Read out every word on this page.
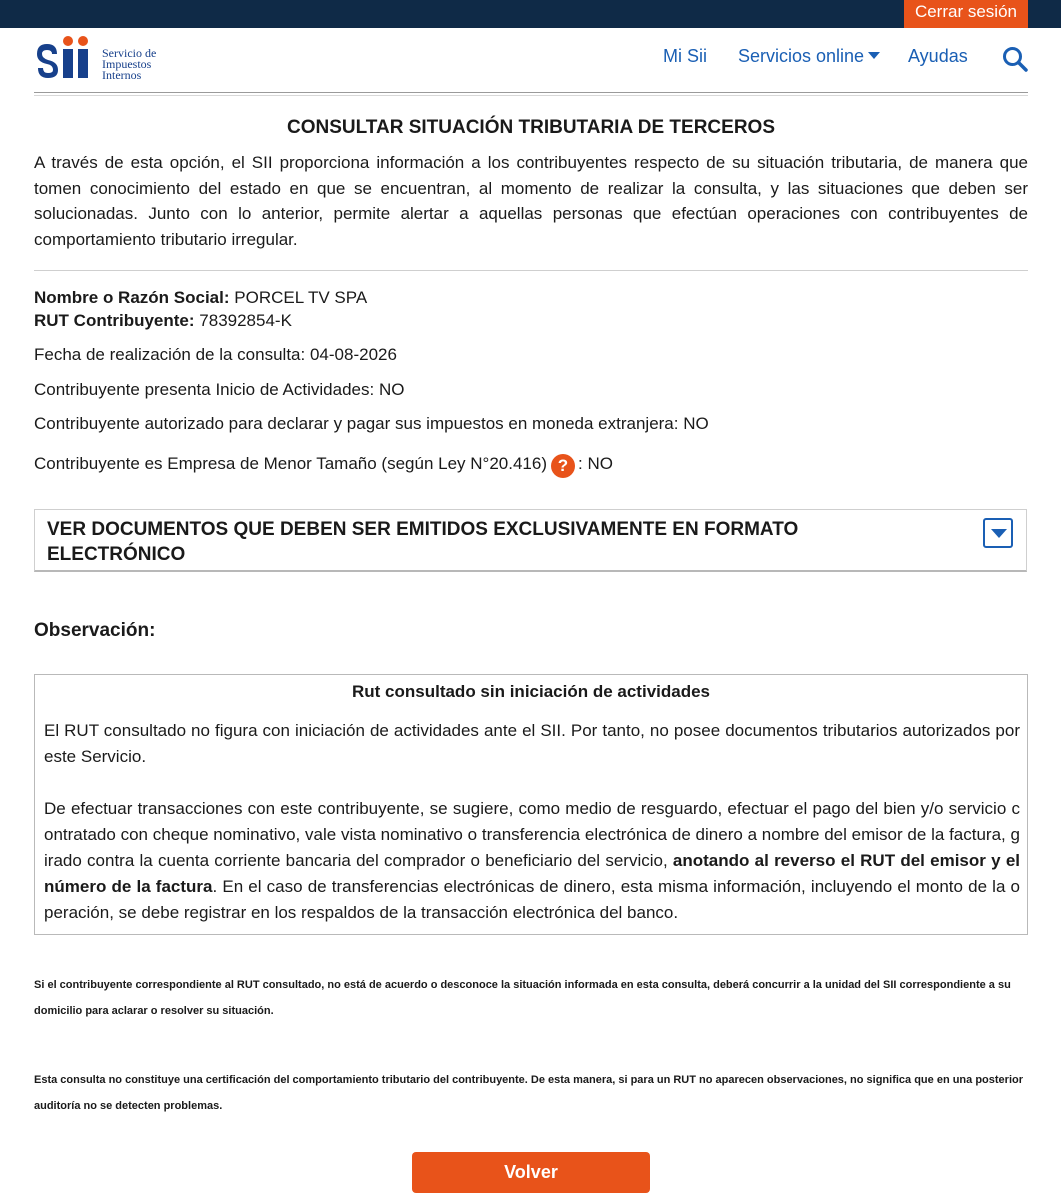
Cerrar sesión
Servicio de
Impuestos
Internos
Mi Sii Servicios online	Ayudas
CONSULTAR SITUACIÓN TRIBUTARIA DE TERCEROS
A través de esta opción, el SII proporciona información a los contribuyentes respecto de su situación tributaria, de manera que tomen conocimiento del estado en que se encuentran, al momento de realizar la consulta, y las situaciones que deben ser solucionadas. Junto con lo anterior, permite alertar a aquellas personas que efectúan operaciones con contribuyentes de comportamiento tributario irregular.
Nombre o Razón Social: PORCEL TV SPA
RUT Contribuyente: 78392854-K
Fecha de realización de la consulta: 04-08-2026
Contribuyente presenta Inicio de Actividades: NO
Contribuyente autorizado para declarar y pagar sus impuestos en moneda extranjera: NO
Contribuyente es Empresa de Menor Tamaño (según Ley N°20.416) ? : NO
VER DOCUMENTOS QUE DEBEN SER EMITIDOS EXCLUSIVAMENTE EN FORMATO ELECTRÓNICO
Observación:
Rut consultado sin iniciación de actividades
El RUT consultado no figura con iniciación de actividades ante el SII. Por tanto, no posee documentos tributarios autorizados por este Servicio.
De efectuar transacciones con este contribuyente, se sugiere, como medio de resguardo, efectuar el pago del bien y/o servicio contratado con cheque nominativo, vale vista nominativo o transferencia electrónica de dinero a nombre del emisor de la factura, girado contra la cuenta corriente bancaria del comprador o beneficiario del servicio, anotando al reverso el RUT del emisor y el número de la factura. En el caso de transferencias electrónicas de dinero, esta misma información, incluyendo el monto de la operación, se debe registrar en los respaldos de la transacción electrónica del banco.
Si el contribuyente correspondiente al RUT consultado, no está de acuerdo o desconoce la situación informada en esta consulta, deberá concurrir a la unidad del SII correspondiente a su domicilio para aclarar o resolver su situación.
Esta consulta no constituye una certificación del comportamiento tributario del contribuyente. De esta manera, si para un RUT no aparecen observaciones, no significa que en una posterior auditoría no se detecten problemas.
Volver
